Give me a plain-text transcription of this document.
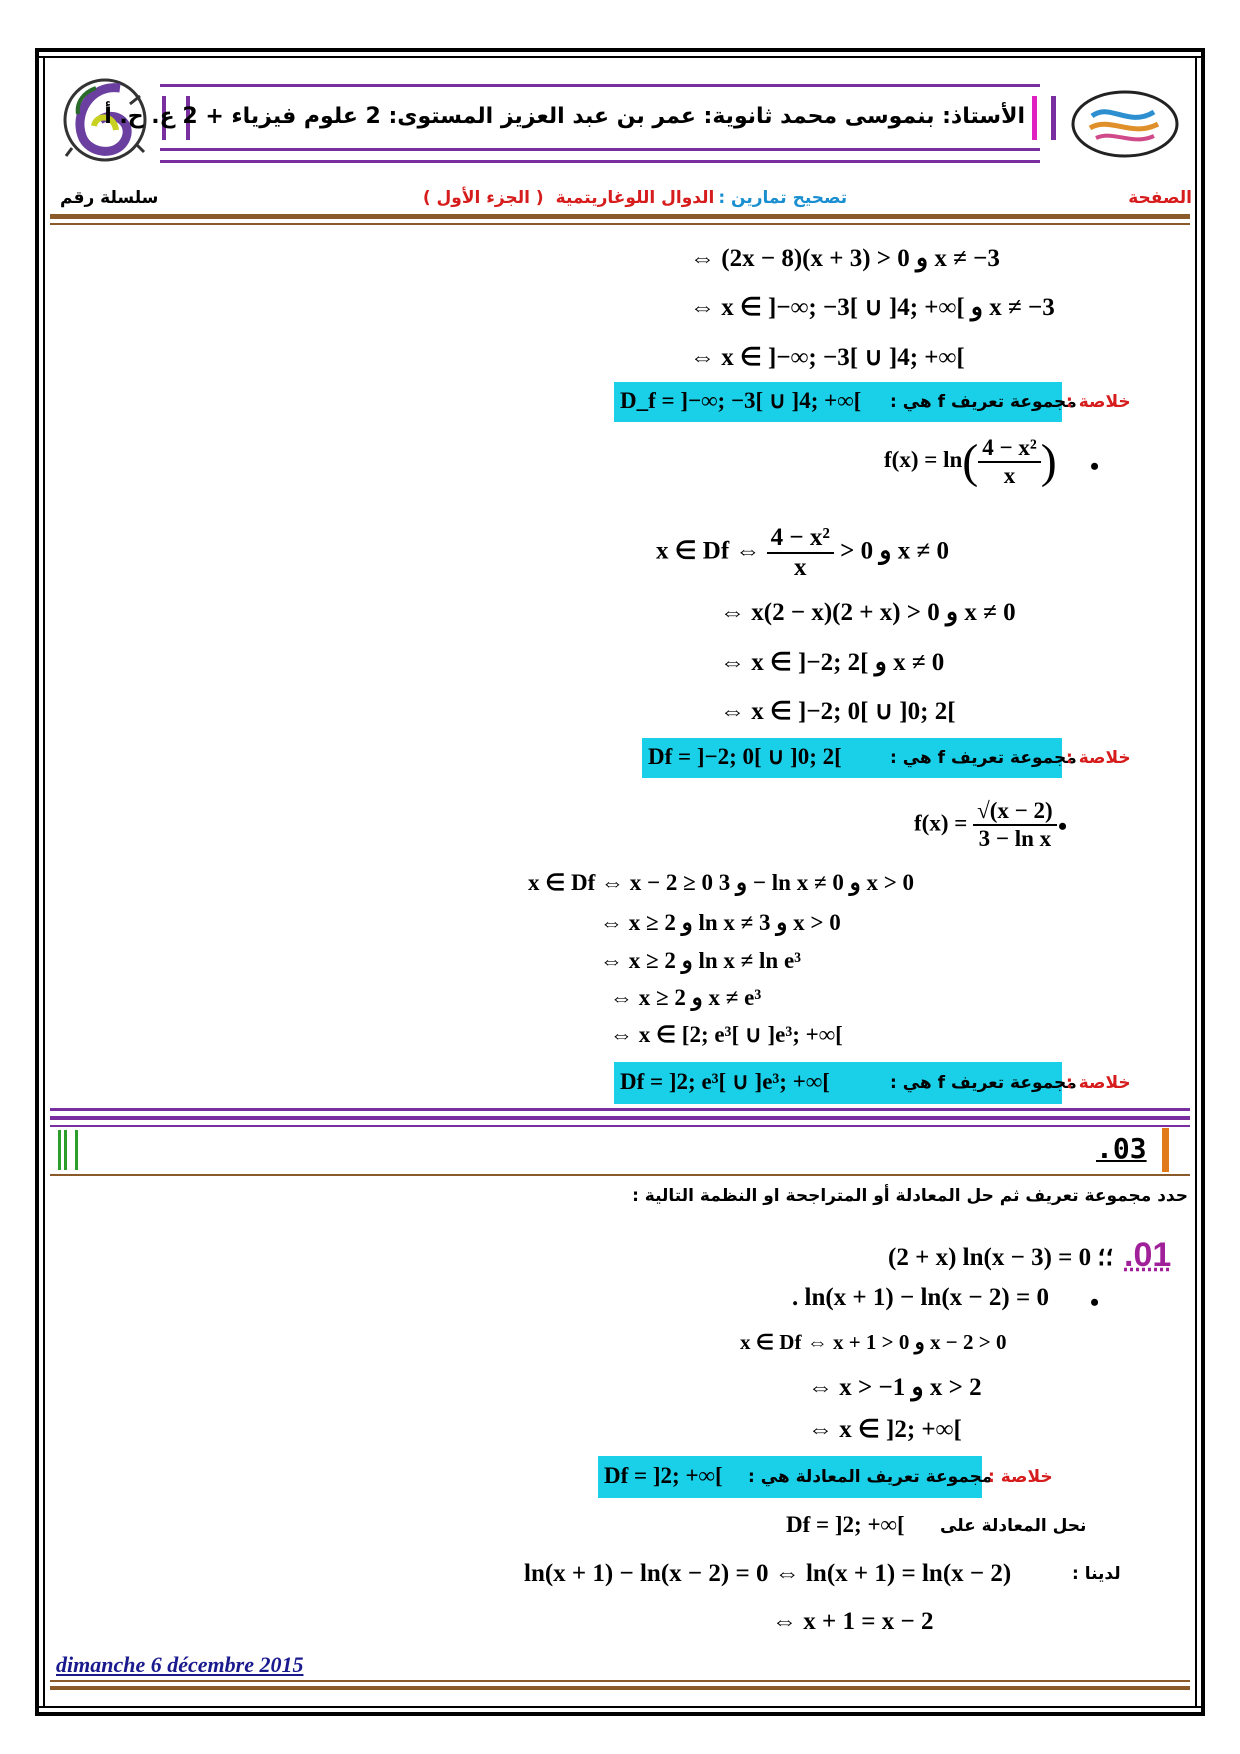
الأستاذ: بنموسى محمد ثانوية: عمر بن عبد العزيز المستوى: 2 علوم فيزياء + 2 ع. ح. أ
الصفحة
سلسلة رقم	تصحيح تمارين : الدوال اللوغاريتمية ( الجزء الأول )
⇔ (2x − 8)(x + 3) > 0 و x ≠ −3
⇔ x ∈ ]−∞; −3[ ∪ ]4; +∞[ و x ≠ −3
⇔ x ∈ ]−∞; −3[ ∪ ]4; +∞[
D_f = ]−∞; −3[ ∪ ]4; +∞[ مجموعة تعريف f هي :
خلاصة :
•
$f(x) = \ln( \frac{\text{4 − x²}}{x}$ )
x ∈ Df ⇔ $\frac{\text{4 − x²}}{x} > 0$ و x ≠ 0
⇔ x(2 − x)(2 + x) > 0 و x ≠ 0
⇔ x ∈ ]−2; 2[ و x ≠ 0
⇔ x ∈ ]−2; 0[ ∪ ]0; 2[
Df = ]−2; 0[ ∪ ]0; 2[	مجموعة تعريف f هي :
خلاصة :
•
$f(x) = \frac{√(x - 2)}{\text{3 − ln x}}$
x ∈ Df ⇔ x − 2 ≥ 0 و 3 − ln x ≠ 0 و x > 0
⇔ x ≥ 2 و ln x ≠ 3 و x > 0
⇔ x ≥ 2 و ln x ≠ ln e³
⇔ x ≥ 2 و x ≠ e³
⇔ x ∈ [2; e³[ ∪ ]e³; +∞[
Df = ]2; e³[ ∪ ]e³; +∞[	مجموعة تعريف f هي :
خلاصة :
.03
حدد مجموعة تعريف ثم حل المعادلة أو المتراجحة او النظمة التالية :
.01
(2 + x) ln(x − 3) = 0 ؛؛
•
. ln(x + 1) − ln(x − 2) = 0
x ∈ Df ⇔ x + 1 > 0 و x − 2 > 0
⇔ x > −1 و x > 2
⇔ x ∈ ]2; +∞[
Df = ]2; +∞[ مجموعة تعريف المعادلة هي :
خلاصة :
Df = ]2; +∞[ نحل المعادلة على
ln(x + 1) − ln(x − 2) = 0 ⇔ ln(x + 1) = ln(x − 2)	لدينا :
⇔ x + 1 = x − 2
dimanche 6 décembre 2015
